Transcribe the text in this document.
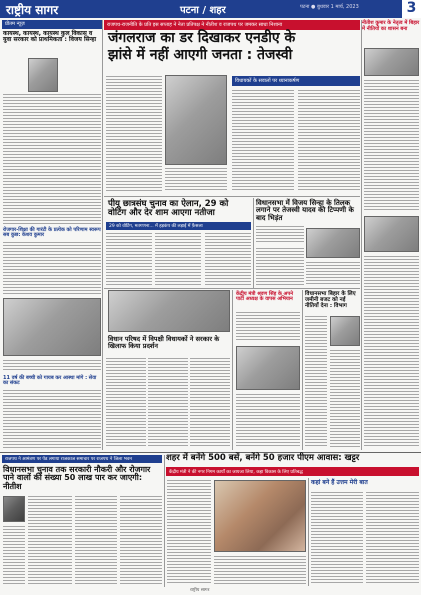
राष्ट्रीय सागर	पटना / शहर	पटना ● बुधवार 1 मार्च, 2023	3
राजपथ-राजनीति के प्रति इस सप्ताह ने नेता प्रतिपक्ष ने नीतीश व राजपथ पर जमकर साधा निशाना	नीतीश कुमार के नेतृत्व में बिहार में नीतियों का शासन बना
प्रीतम न्यूज़
कायस्थ, कायस्थ, कायस्थ कुल विकास व युवा सरकार को प्राथमिकता : विजय सिन्हा
रोजगार-शिक्षा की गारंटी के प्रत्येक को परिणाम स्वरूप सब कुछ: केशव कुमार
11 वर्ष की बच्ची को गायब कर आस्था मांगे : सेवा का संकट
जंगलराज का डर दिखाकर एनडीए के
झांसे में नहीं आएगी जनता : तेजस्वी
विधायकों के सवालों पर ध्यानाकर्षण
पीयू छात्रसंघ चुनाव का ऐलान, 29 को वोटिंग और देर शाम आएगा नतीजा
29 को वोटिंग, मतगणना... में हड़कंप की लड़ाई में फ़ैसला
विधानसभा में विजय सिन्हा के तिलक लगाने पर तेजस्वी यादव की टिप्पणी के बाद भिड़ंत
विधान परिषद में विपक्षी विधायकों ने सरकार के खिलाफ किया प्रदर्शन
केंद्रीय मंत्री श्रवण सिंह के अपने पार्टी अध्यक्ष के वापस अभियान
विधानसभा बिहार के लिए जमीनी बजट को नई नीतियाँ देना : विभाग
राजपथ ने आमंत्रण पर पेड लगाया राजकाज समाचार पर राजपथ ने जिला भवन	शहर में बनेंगे 500 बसें, बनेंगे 50 हजार पीएम आवास: खट्टर
केंद्रीय मंत्री ने की नगर निगम कार्यों का जायजा लिया, कहा विकास के लिए प्रतिबद्ध
विधानसभा चुनाव तक सरकारी नौकरी और रोजगार पाने वालों की संख्या 50 लाख पार कर जाएगी: नीतीश	कहां बने हैं उत्तम मेरी बात
राष्ट्रीय सागर
